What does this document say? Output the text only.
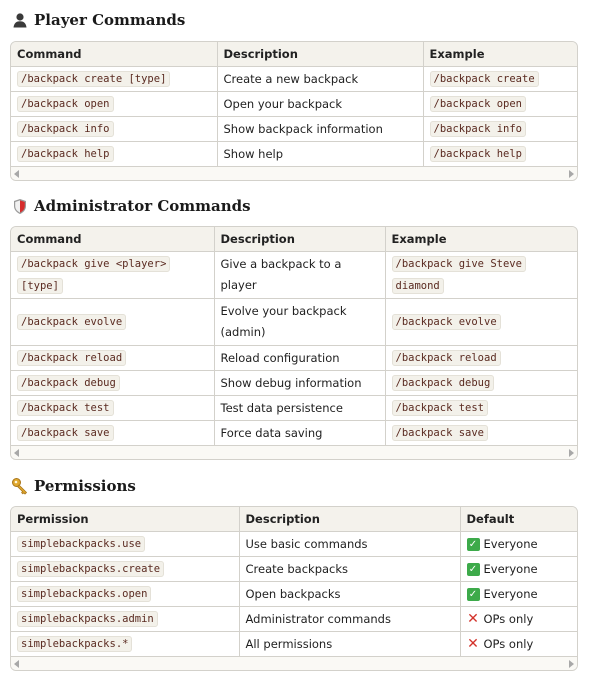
Player Commands
Command	Description	Example
/backpack create [type]	Create a new backpack	/backpack create
/backpack open	Open your backpack	/backpack open
/backpack info	Show backpack information	/backpack info
/backpack help	Show help	/backpack help
Administrator Commands
Command	Description	Example
/backpack give <player> [type]	Give a backpack to a player	/backpack give Steve diamond
/backpack evolve	Evolve your backpack (admin)	/backpack evolve
/backpack reload	Reload configuration	/backpack reload
/backpack debug	Show debug information	/backpack debug
/backpack test	Test data persistence	/backpack test
/backpack save	Force data saving	/backpack save
Permissions
Permission	Description	Default
simplebackpacks.use	Use basic commands	✓ Everyone

simplebackpacks.create	Create backpacks	✓ Everyone

simplebackpacks.open	Open backpacks	✓ Everyone

simplebackpacks.admin	Administrator commands	✕ OPs only

simplebackpacks.*	All permissions	✕ OPs only
